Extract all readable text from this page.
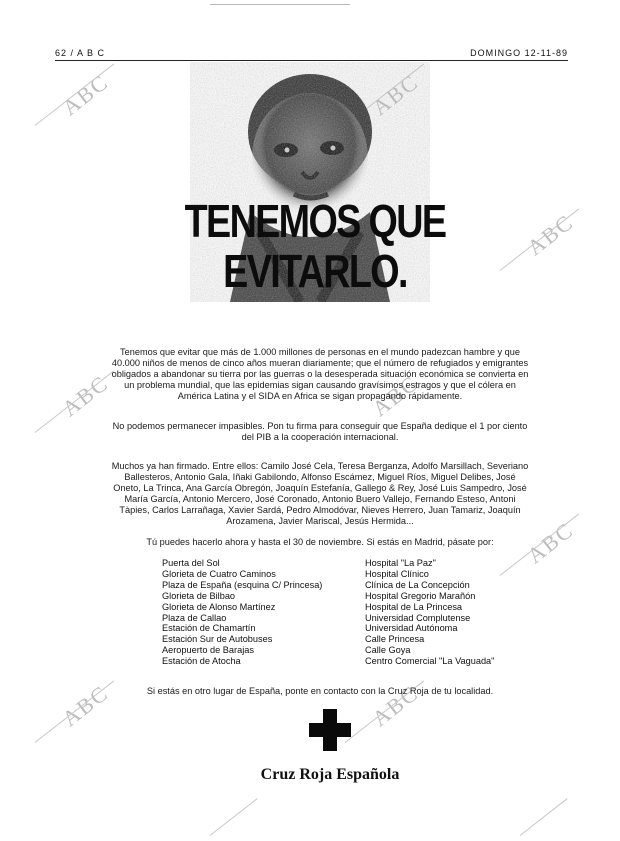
62 / A B C	DOMINGO 12-11-89
ABC
ABC
ABC	ABC
ABC
ABC	ABC
TENEMOS QUE
EVITARLO.

Tenemos que evitar que más de 1.000 millones de personas en el mundo padezcan hambre y que 40.000 niños de menos de cinco años mueran diariamente; que el número de refugiados y emigrantes obligados a abandonar su tierra por las guerras o la desesperada situación económica se convierta en un problema mundial, que las epidemias sigan causando gravísimos estragos y que el cólera en América Latina y el SIDA en Africa se sigan propagando rápidamente.

No podemos permanecer impasibles. Pon tu firma para conseguir que España dedique el 1 por ciento del PIB a la cooperación internacional.

Muchos ya han firmado. Entre ellos: Camilo José Cela, Teresa Berganza, Adolfo Marsillach, Severiano Ballesteros, Antonio Gala, Iñaki Gabilondo, Alfonso Escámez, Miguel Ríos, Miguel Delibes, José Oneto, La Trinca, Ana García Obregón, Joaquín Estefanía, Gallego & Rey, José Luis Sampedro, José María García, Antonio Mercero, José Coronado, Antonio Buero Vallejo, Fernando Esteso, Antoni Tàpies, Carlos Larrañaga, Xavier Sardá, Pedro Almodóvar, Nieves Herrero, Juan Tamariz, Joaquín Arozamena, Javier Mariscal, Jesús Hermida...

Tú puedes hacerlo ahora y hasta el 30 de noviembre. Si estás en Madrid, pásate por:

Puerta del Sol
Glorieta de Cuatro Caminos
Plaza de España (esquina C/ Princesa)
Glorieta de Bilbao
Glorieta de Alonso Martínez
Plaza de Callao
Estación de Chamartín
Estación Sur de Autobuses
Aeropuerto de Barajas
Estación de Atocha
Hospital "La Paz"
Hospital Clínico
Clínica de La Concepción
Hospital Gregorio Marañón
Hospital de La Princesa
Universidad Complutense
Universidad Autónoma
Calle Princesa
Calle Goya
Centro Comercial "La Vaguada"

Si estás en otro lugar de España, ponte en contacto con la Cruz Roja de tu localidad.

Cruz Roja Española
